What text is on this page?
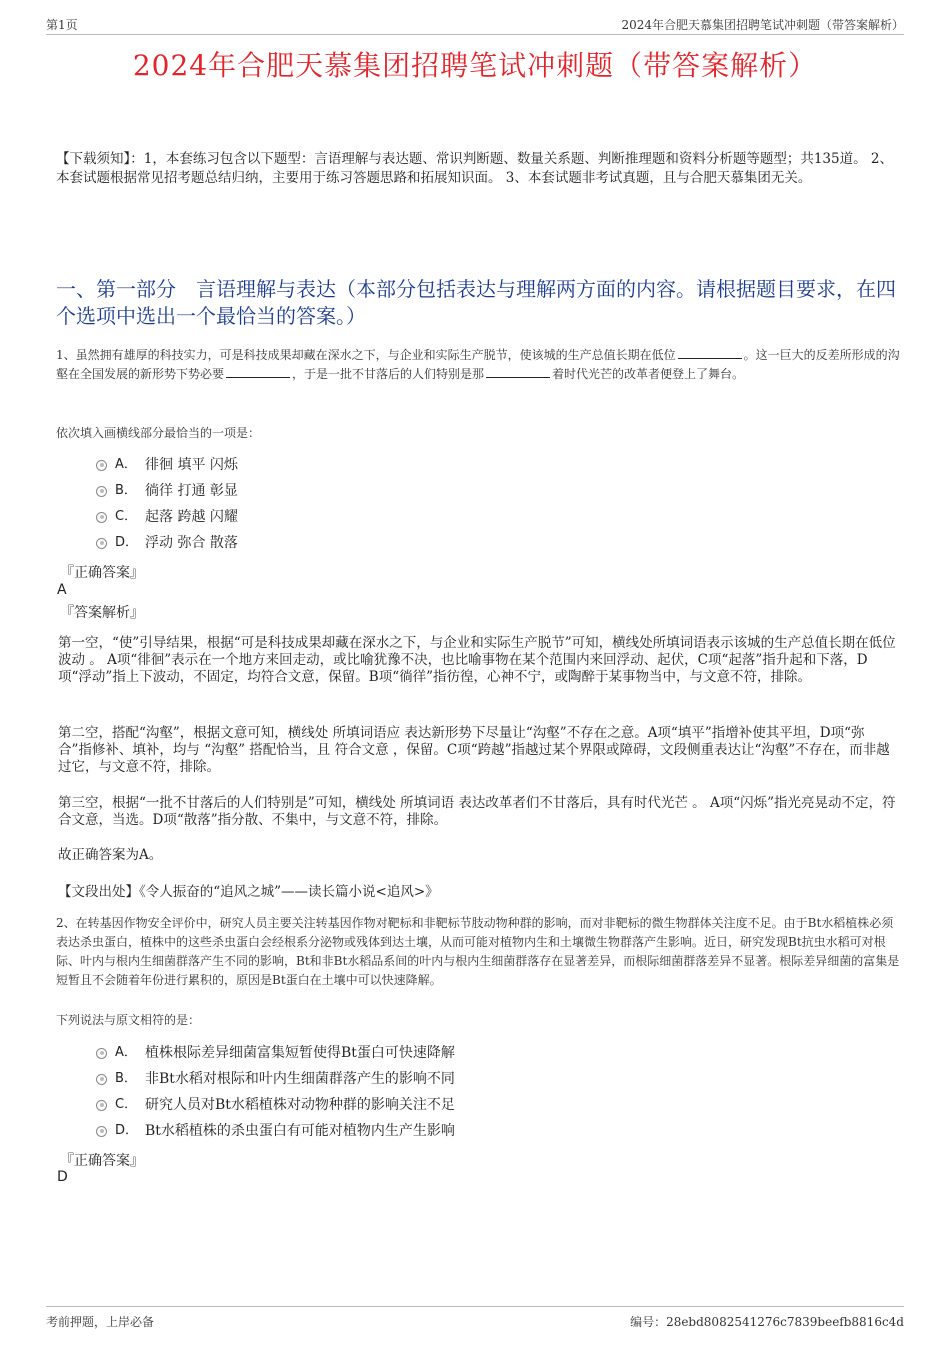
第1页	2024年合肥天慕集团招聘笔试冲刺题（带答案解析）
2024年合肥天慕集团招聘笔试冲刺题（带答案解析）
【下载须知】：1，本套练习包含以下题型：言语理解与表达题、常识判断题、数量关系题、判断推理题和资料分析题等题型；共135道。 2、本套试题根据常见招考题总结归纳，主要用于练习答题思路和拓展知识面。 3、本套试题非考试真题，且与合肥天慕集团无关。
一、第一部分　言语理解与表达（本部分包括表达与理解两方面的内容。请根据题目要求，在四个选项中选出一个最恰当的答案。）
1、虽然拥有雄厚的科技实力，可是科技成果却藏在深水之下，与企业和实际生产脱节，使该城的生产总值长期在低位	。这一巨大的反差所形成的沟壑在全国发展的新形势下势必要	，于是一批不甘落后的人们特别是那	着时代光芒的改革者便登上了舞台。
依次填入画横线部分最恰当的一项是：
A． 徘徊 填平 闪烁
B． 徜徉 打通 彰显
C． 起落 跨越 闪耀
D． 浮动 弥合 散落
『正确答案』
A
『答案解析』
第一空，“使”引导结果，根据“可是科技成果却藏在深水之下，与企业和实际生产脱节”可知，横线处所填词语表示该城的生产总值长期在低位波动 。 A项“徘徊”表示在一个地方来回走动，或比喻犹豫不决，也比喻事物在某个范围内来回浮动、起伏，C项“起落”指升起和下落，D项“浮动”指上下波动，不固定，均符合文意，保留。B项“徜徉”指彷徨，心神不宁，或陶醉于某事物当中，与文意不符，排除。
第二空，搭配“沟壑”，根据文意可知，横线处 所填词语应 表达新形势下尽量让“沟壑”不存在之意。A项“填平”指增补使其平坦，D项“弥合”指修补、填补，均与 “沟壑” 搭配恰当，且 符合文意 ，保留。C项“跨越”指越过某个界限或障碍，文段侧重表达让“沟壑”不存在，而非越过它，与文意不符，排除。
第三空，根据“一批不甘落后的人们特别是”可知，横线处 所填词语 表达改革者们不甘落后，具有时代光芒 。 A项“闪烁”指光亮晃动不定，符合文意，当选。D项“散落”指分散、不集中，与文意不符，排除。
故正确答案为A。
【文段出处】《令人振奋的“追风之城”——读长篇小说<追风>》
2、在转基因作物安全评价中，研究人员主要关注转基因作物对靶标和非靶标节肢动物种群的影响，而对非靶标的微生物群体关注度不足。由于Bt水稻植株必须表达杀虫蛋白，植株中的这些杀虫蛋白会经根系分泌物或残体到达土壤，从而可能对植物内生和土壤微生物群落产生影响。近日，研究发现Bt抗虫水稻可对根际、叶内与根内生细菌群落产生不同的影响，Bt和非Bt水稻品系间的叶内与根内生细菌群落存在显著差异，而根际细菌群落差异不显著。根际差异细菌的富集是短暂且不会随着年份进行累积的，原因是Bt蛋白在土壤中可以快速降解。
下列说法与原文相符的是：
A． 植株根际差异细菌富集短暂使得Bt蛋白可快速降解
B． 非Bt水稻对根际和叶内生细菌群落产生的影响不同
C． 研究人员对Bt水稻植株对动物种群的影响关注不足
D． Bt水稻植株的杀虫蛋白有可能对植物内生产生影响
『正确答案』
D
考前押题，上岸必备	编号：28ebd8082541276c7839beefb8816c4d
